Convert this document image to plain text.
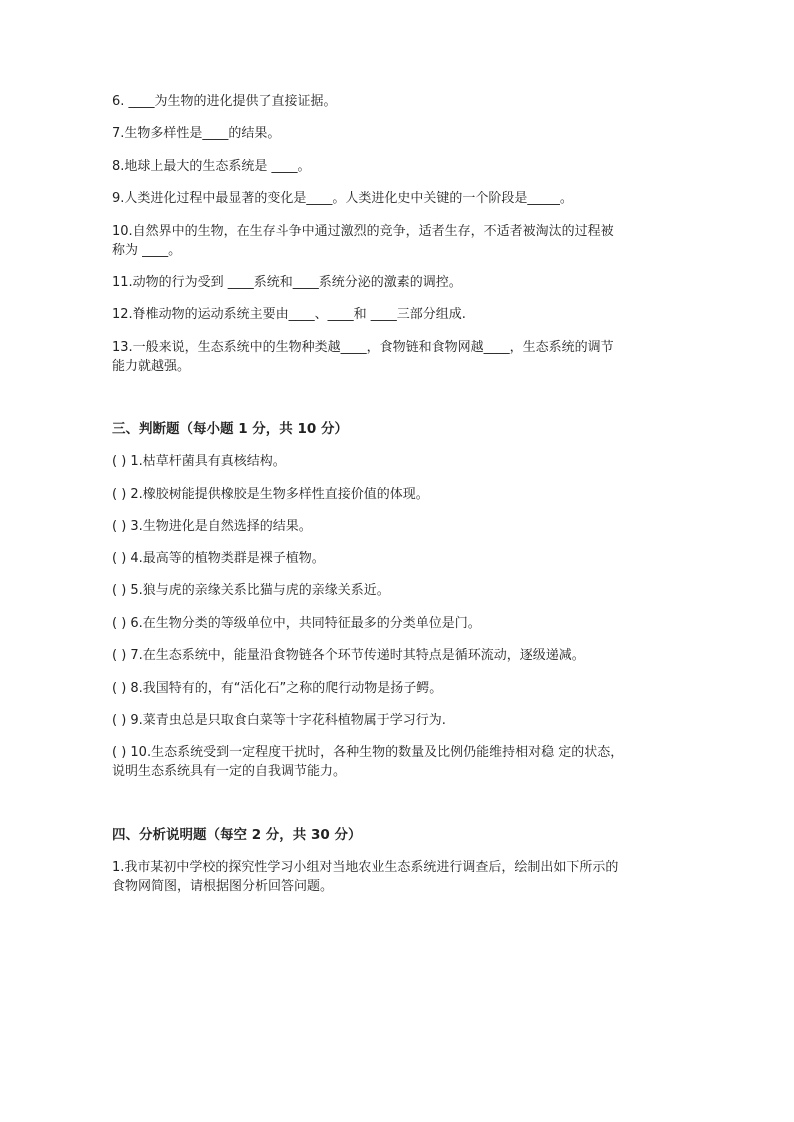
6. ____为生物的进化提供了直接证据。
7.生物多样性是____的结果。
8.地球上最大的生态系统是 ____。
9.人类进化过程中最显著的变化是____。人类进化史中关键的一个阶段是_____。
10.自然界中的生物，在生存斗争中通过激烈的竞争，适者生存，不适者被淘汰的过程被
称为 ____。
11.动物的行为受到 ____系统和____系统分泌的激素的调控。
12.脊椎动物的运动系统主要由____、____和 ____三部分组成.
13.一般来说，生态系统中的生物种类越____，食物链和食物网越____，生态系统的调节
能力就越强。
三、判断题（每小题 1 分，共 10 分）
( ) 1.枯草杆菌具有真核结构。
( ) 2.橡胶树能提供橡胶是生物多样性直接价值的体现。
( ) 3.生物进化是自然选择的结果。
( ) 4.最高等的植物类群是裸子植物。
( ) 5.狼与虎的亲缘关系比猫与虎的亲缘关系近。
( ) 6.在生物分类的等级单位中，共同特征最多的分类单位是门。
( ) 7.在生态系统中，能量沿食物链各个环节传递时其特点是循环流动，逐级递减。
( ) 8.我国特有的，有“活化石”之称的爬行动物是扬子鳄。
( ) 9.菜青虫总是只取食白菜等十字花科植物属于学习行为.
( ) 10.生态系统受到一定程度干扰时，各种生物的数量及比例仍能维持相对稳 定的状态，
说明生态系统具有一定的自我调节能力。
四、分析说明题（每空 2 分，共 30 分）
1.我市某初中学校的探究性学习小组对当地农业生态系统进行调查后，绘制出如下所示的
食物网简图，请根据图分析回答问题。
